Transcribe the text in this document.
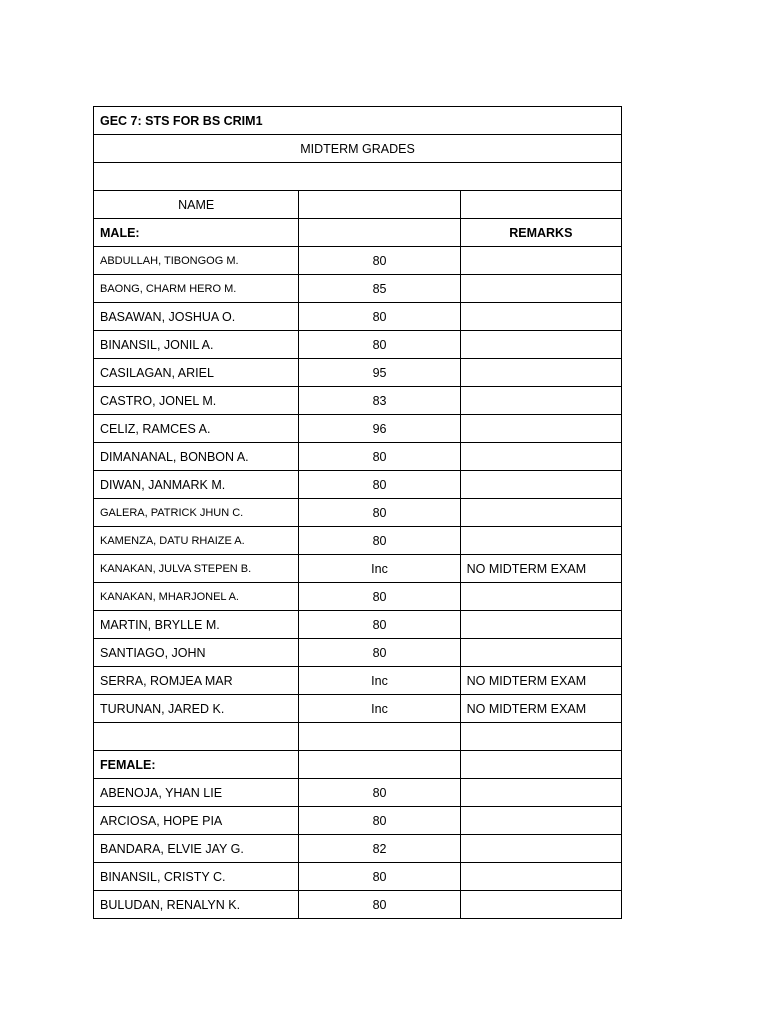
GEC 7: STS FOR BS CRIM1		
MIDTERM GRADES		

NAME		
MALE:		REMARKS
ABDULLAH, TIBONGOG M.	80	
BAONG, CHARM HERO M.	85	
BASAWAN, JOSHUA O.	80	
BINANSIL, JONIL A.	80	
CASILAGAN, ARIEL	95	
CASTRO, JONEL M.	83	
CELIZ, RAMCES A.	96	
DIMANANAL, BONBON A.	80	
DIWAN, JANMARK M.	80	
GALERA, PATRICK JHUN C.	80	
KAMENZA, DATU RHAIZE A.	80	
KANAKAN, JULVA STEPEN B.	Inc	NO MIDTERM EXAM
KANAKAN, MHARJONEL A.	80	
MARTIN, BRYLLE M.	80	
SANTIAGO, JOHN	80	
SERRA, ROMJEA MAR	Inc	NO MIDTERM EXAM
TURUNAN, JARED K.	Inc	NO MIDTERM EXAM

FEMALE:		
ABENOJA, YHAN LIE	80	
ARCIOSA, HOPE PIA	80	
BANDARA, ELVIE JAY G.	82	
BINANSIL, CRISTY C.	80	
BULUDAN, RENALYN K.	80	
